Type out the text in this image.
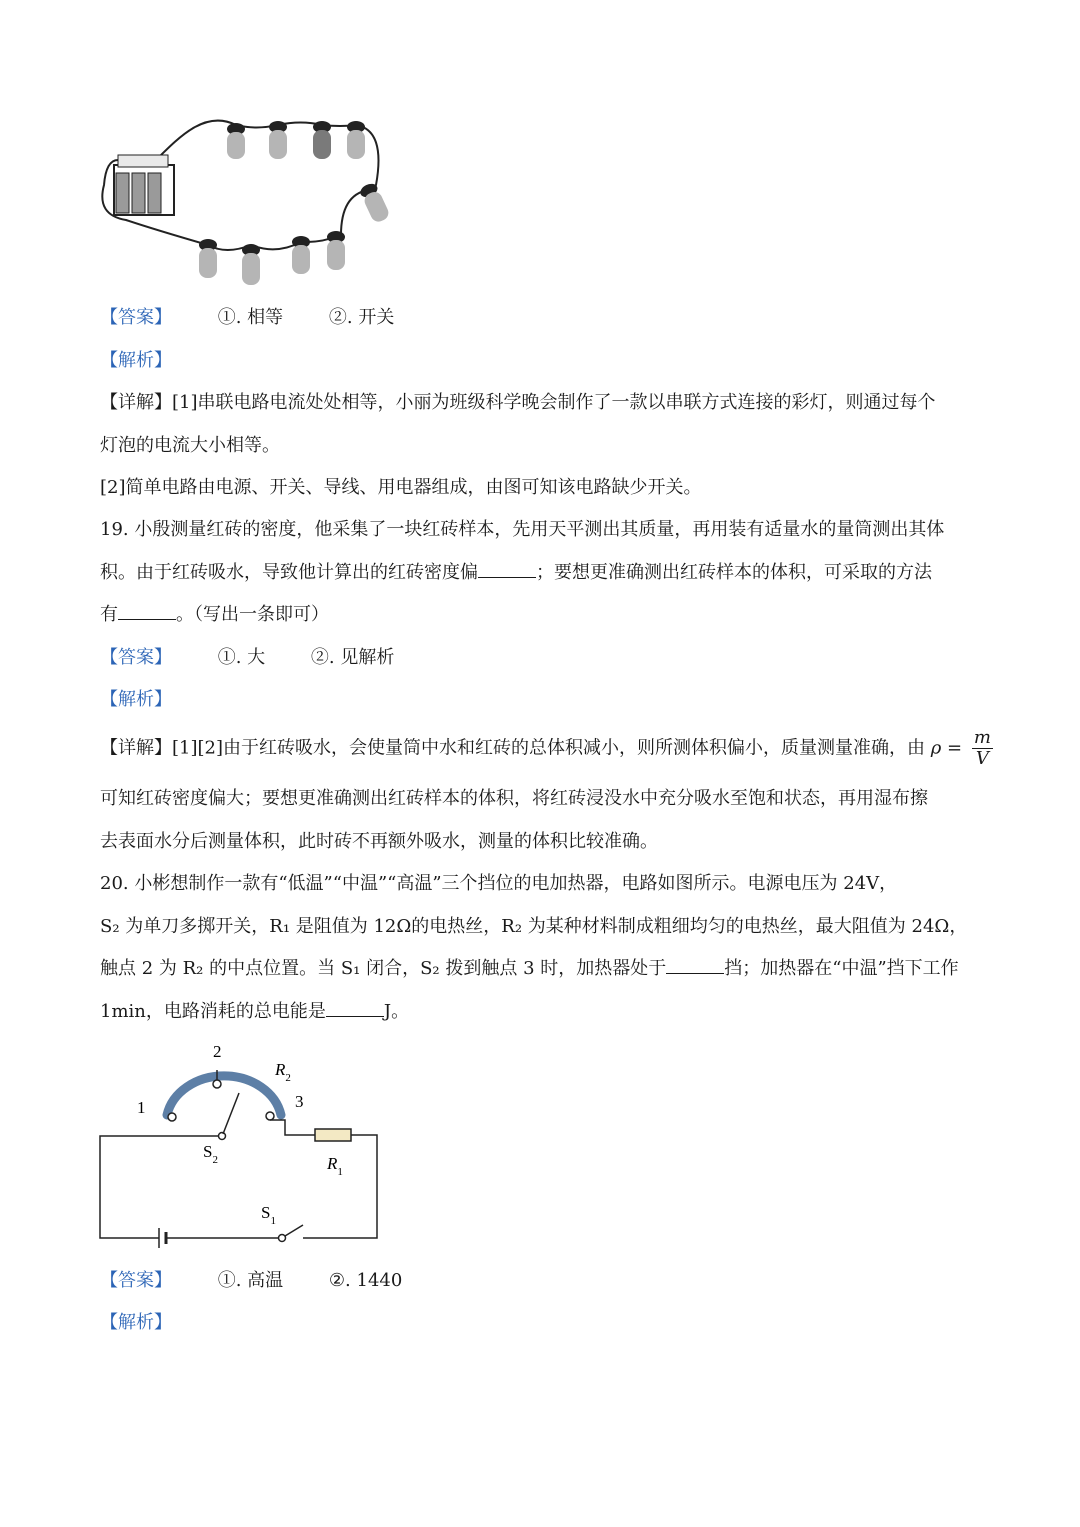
【答案】	①. 相等	②. 开关
【解析】
【详解】[1]串联电路电流处处相等，小丽为班级科学晚会制作了一款以串联方式连接的彩灯，则通过每个
灯泡的电流大小相等。
[2]简单电路由电源、开关、导线、用电器组成，由图可知该电路缺少开关。
19. 小殷测量红砖的密度，他采集了一块红砖样本，先用天平测出其质量，再用装有适量水的量筒测出其体
积。由于红砖吸水，导致他计算出的红砖密度偏	；要想更准确测出红砖样本的体积，可采取的方法
有	。（写出一条即可）
【答案】	①. 大	②. 见解析
【解析】
【详解】[1][2]由于红砖吸水，会使量筒中水和红砖的总体积减小，则所测体积偏小，质量测量准确，由 $\rho = \frac{m}{V}$
可知红砖密度偏大；要想更准确测出红砖样本的体积，将红砖浸没水中充分吸水至饱和状态，再用湿布擦
去表面水分后测量体积，此时砖不再额外吸水，测量的体积比较准确。
20. 小彬想制作一款有“低温”“中温”“高温”三个挡位的电加热器，电路如图所示。电源电压为 24V，
S₂ 为单刀多掷开关，R₁ 是阻值为 12Ω的电热丝，R₂ 为某种材料制成粗细均匀的电热丝，最大阻值为 24Ω，
触点 2 为 R₂ 的中点位置。当 S₁ 闭合，S₂ 拨到触点 3 时，加热器处于	挡；加热器在“中温”挡下工作
1min，电路消耗的总电能是	J。
1
2
3
$R_2$
$S_2$	$R_1$
$S_1$
【答案】	①. 高温	②. 1440
【解析】
